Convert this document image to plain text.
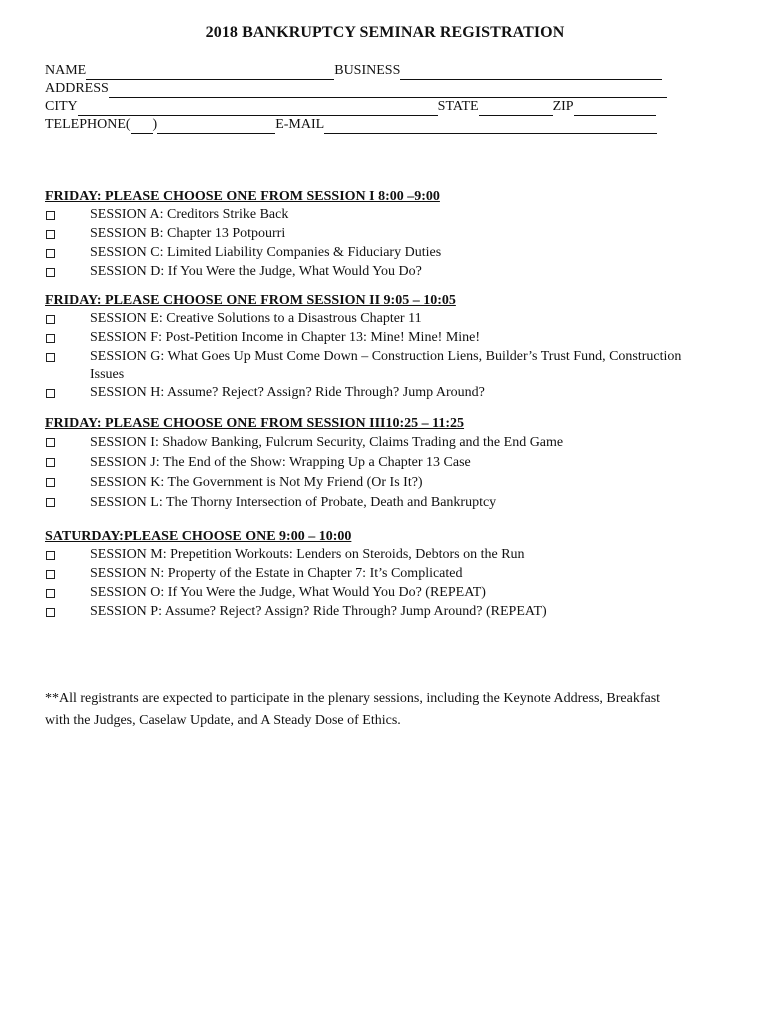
2018 BANKRUPTCY SEMINAR REGISTRATION
NAME	BUSINESS
ADDRESS
CITY	STATE	ZIP
TELEPHONE( )	E-MAIL
FRIDAY: PLEASE CHOOSE ONE FROM SESSION I 8:00 –9:00
SESSION A: Creditors Strike Back
SESSION B: Chapter 13 Potpourri
SESSION C: Limited Liability Companies & Fiduciary Duties
SESSION D: If You Were the Judge, What Would You Do?
FRIDAY: PLEASE CHOOSE ONE FROM SESSION II 9:05 – 10:05
SESSION E: Creative Solutions to a Disastrous Chapter 11
SESSION F: Post-Petition Income in Chapter 13: Mine! Mine! Mine!
SESSION G: What Goes Up Must Come Down – Construction Liens, Builder’s Trust Fund, Construction Issues
SESSION H: Assume? Reject? Assign? Ride Through? Jump Around?
FRIDAY: PLEASE CHOOSE ONE FROM SESSION III10:25 – 11:25
SESSION I: Shadow Banking, Fulcrum Security, Claims Trading and the End Game
SESSION J: The End of the Show: Wrapping Up a Chapter 13 Case
SESSION K: The Government is Not My Friend (Or Is It?)
SESSION L: The Thorny Intersection of Probate, Death and Bankruptcy
SATURDAY:PLEASE CHOOSE ONE 9:00 – 10:00
SESSION M: Prepetition Workouts: Lenders on Steroids, Debtors on the Run
SESSION N: Property of the Estate in Chapter 7: It’s Complicated
SESSION O: If You Were the Judge, What Would You Do? (REPEAT)
SESSION P: Assume? Reject? Assign? Ride Through? Jump Around? (REPEAT)
**All registrants are expected to participate in the plenary sessions, including the Keynote Address, Breakfast with the Judges, Caselaw Update, and A Steady Dose of Ethics.
